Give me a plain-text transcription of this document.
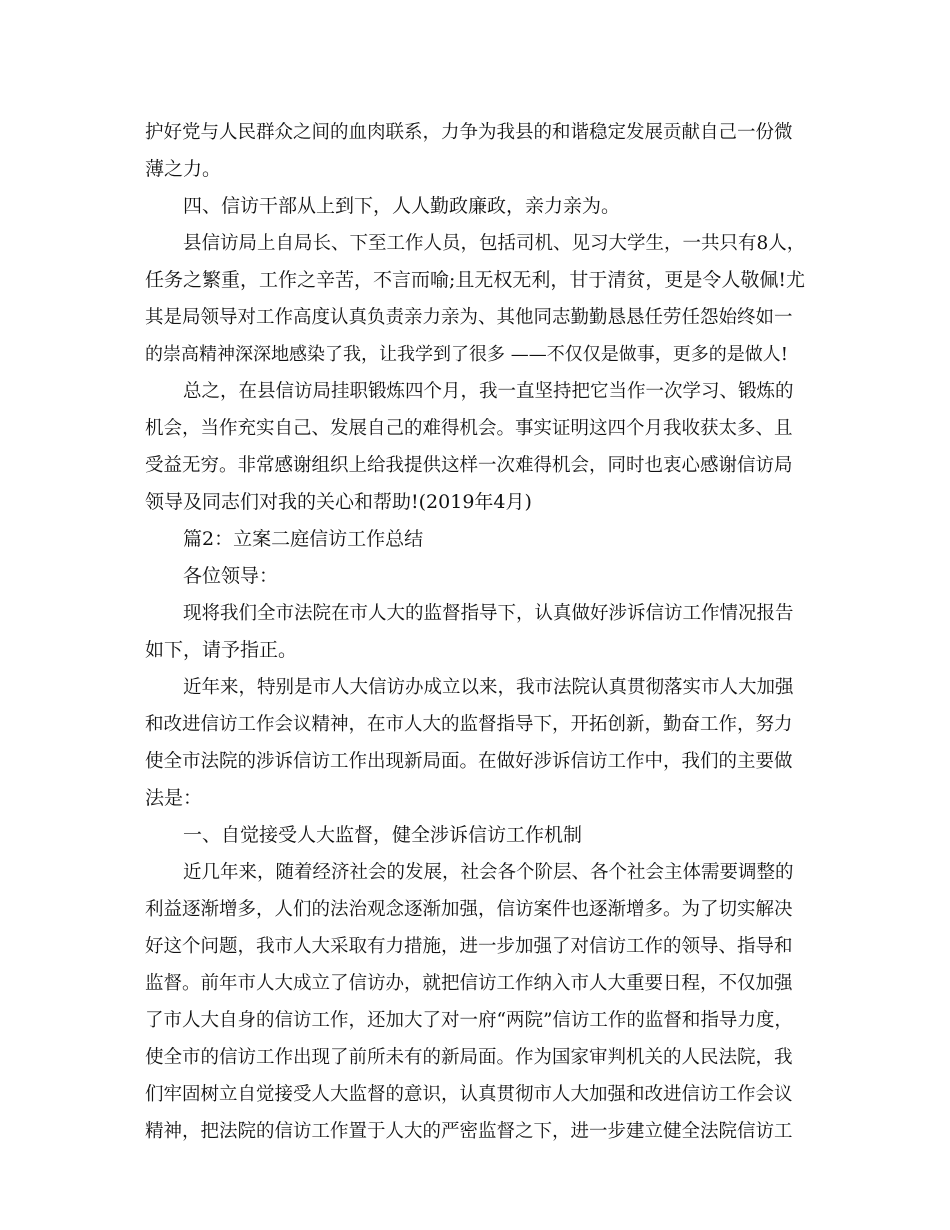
护好党与人民群众之间的血肉联系，力争为我县的和谐稳定发展贡献自己一份微
薄之力。
四、信访干部从上到下，人人勤政廉政，亲力亲为。
县信访局上自局长、下至工作人员，包括司机、见习大学生，一共只有8人，
任务之繁重，工作之辛苦，不言而喻;且无权无利，甘于清贫，更是令人敬佩!尤
其是局领导对工作高度认真负责亲力亲为、其他同志勤勤恳恳任劳任怨始终如一
的崇高精神深深地感染了我，让我学到了很多 ——不仅仅是做事，更多的是做人!
总之，在县信访局挂职锻炼四个月，我一直坚持把它当作一次学习、锻炼的
机会，当作充实自己、发展自己的难得机会。事实证明这四个月我收获太多、且
受益无穷。非常感谢组织上给我提供这样一次难得机会，同时也衷心感谢信访局
领导及同志们对我的关心和帮助!(2019年4月)
篇2：立案二庭信访工作总结
各位领导：
现将我们全市法院在市人大的监督指导下，认真做好涉诉信访工作情况报告
如下，请予指正。
近年来，特别是市人大信访办成立以来，我市法院认真贯彻落实市人大加强
和改进信访工作会议精神，在市人大的监督指导下，开拓创新，勤奋工作，努力
使全市法院的涉诉信访工作出现新局面。在做好涉诉信访工作中，我们的主要做
法是：
一、自觉接受人大监督，健全涉诉信访工作机制
近几年来，随着经济社会的发展，社会各个阶层、各个社会主体需要调整的
利益逐渐增多，人们的法治观念逐渐加强，信访案件也逐渐增多。为了切实解决
好这个问题，我市人大采取有力措施，进一步加强了对信访工作的领导、指导和
监督。前年市人大成立了信访办，就把信访工作纳入市人大重要日程，不仅加强
了市人大自身的信访工作，还加大了对一府“两院”信访工作的监督和指导力度，
使全市的信访工作出现了前所未有的新局面。作为国家审判机关的人民法院，我
们牢固树立自觉接受人大监督的意识，认真贯彻市人大加强和改进信访工作会议
精神，把法院的信访工作置于人大的严密监督之下，进一步建立健全法院信访工
